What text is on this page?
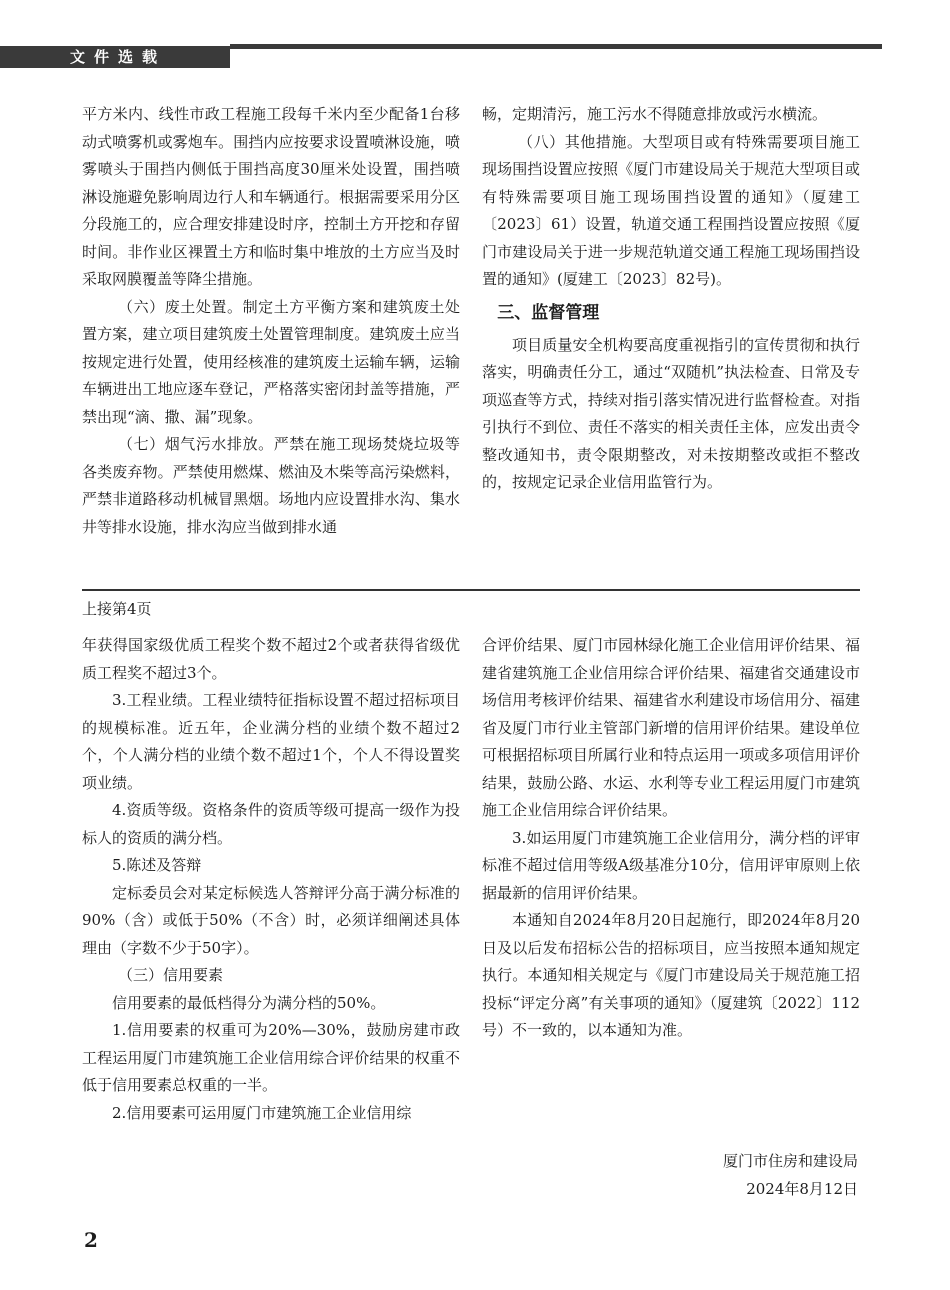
文件选载

平方米内、线性市政工程施工段每千米内至少配备1台移动式喷雾机或雾炮车。围挡内应按要求设置喷淋设施，喷雾喷头于围挡内侧低于围挡高度30厘米处设置，围挡喷淋设施避免影响周边行人和车辆通行。根据需要采用分区分段施工的，应合理安排建设时序，控制土方开挖和存留时间。非作业区裸置土方和临时集中堆放的土方应当及时采取网膜覆盖等降尘措施。

（六）废土处置。制定土方平衡方案和建筑废土处置方案，建立项目建筑废土处置管理制度。建筑废土应当按规定进行处置，使用经核准的建筑废土运输车辆，运输车辆进出工地应逐车登记，严格落实密闭封盖等措施，严禁出现“滴、撒、漏”现象。

（七）烟气污水排放。严禁在施工现场焚烧垃圾等各类废弃物。严禁使用燃煤、燃油及木柴等高污染燃料，严禁非道路移动机械冒黑烟。场地内应设置排水沟、集水井等排水设施，排水沟应当做到排水通

畅，定期清污，施工污水不得随意排放或污水横流。

（八）其他措施。大型项目或有特殊需要项目施工现场围挡设置应按照《厦门市建设局关于规范大型项目或有特殊需要项目施工现场围挡设置的通知》（厦建工〔2023〕61）设置，轨道交通工程围挡设置应按照《厦门市建设局关于进一步规范轨道交通工程施工现场围挡设置的通知》(厦建工〔2023〕82号)。

三、监督管理

项目质量安全机构要高度重视指引的宣传贯彻和执行落实，明确责任分工，通过“双随机”执法检查、日常及专项巡查等方式，持续对指引落实情况进行监督检查。对指引执行不到位、责任不落实的相关责任主体，应发出责令整改通知书，责令限期整改，对未按期整改或拒不整改的，按规定记录企业信用监管行为。

上接第4页

年获得国家级优质工程奖个数不超过2个或者获得省级优质工程奖不超过3个。

3.工程业绩。工程业绩特征指标设置不超过招标项目的规模标准。近五年，企业满分档的业绩个数不超过2个，个人满分档的业绩个数不超过1个，个人不得设置奖项业绩。

4.资质等级。资格条件的资质等级可提高一级作为投标人的资质的满分档。

5.陈述及答辩

定标委员会对某定标候选人答辩评分高于满分标准的90%（含）或低于50%（不含）时，必须详细阐述具体理由（字数不少于50字）。

（三）信用要素

信用要素的最低档得分为满分档的50%。

1.信用要素的权重可为20%—30%，鼓励房建市政工程运用厦门市建筑施工企业信用综合评价结果的权重不低于信用要素总权重的一半。

2.信用要素可运用厦门市建筑施工企业信用综

合评价结果、厦门市园林绿化施工企业信用评价结果、福建省建筑施工企业信用综合评价结果、福建省交通建设市场信用考核评价结果、福建省水利建设市场信用分、福建省及厦门市行业主管部门新增的信用评价结果。建设单位可根据招标项目所属行业和特点运用一项或多项信用评价结果，鼓励公路、水运、水利等专业工程运用厦门市建筑施工企业信用综合评价结果。

3.如运用厦门市建筑施工企业信用分，满分档的评审标准不超过信用等级A级基准分10分，信用评审原则上依据最新的信用评价结果。

本通知自2024年8月20日起施行，即2024年8月20日及以后发布招标公告的招标项目，应当按照本通知规定执行。本通知相关规定与《厦门市建设局关于规范施工招投标“评定分离”有关事项的通知》（厦建筑〔2022〕112号）不一致的，以本通知为准。

厦门市住房和建设局
2024年8月12日
2
